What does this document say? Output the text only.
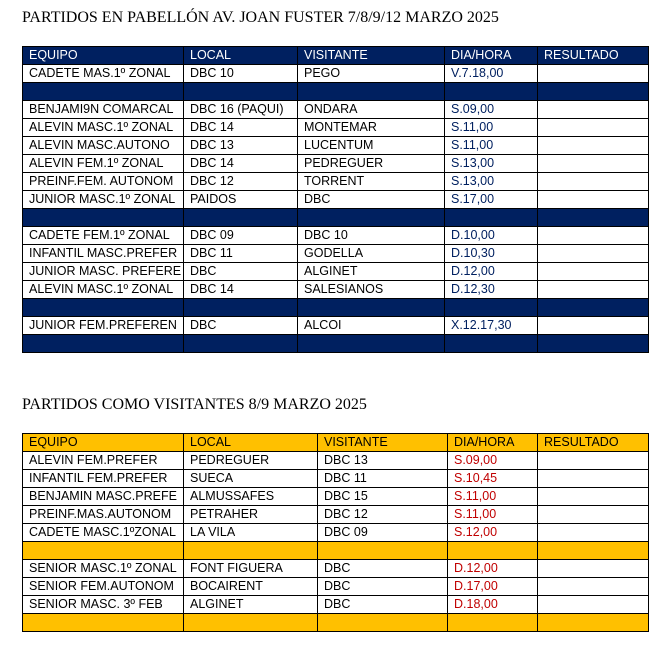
PARTIDOS EN PABELLÓN AV. JOAN FUSTER 7/8/9/12 MARZO 2025
EQUIPO	LOCAL	VISITANTE	DIA/HORA	RESULTADO
CADETE MAS.1º ZONAL	DBC 10	PEGO	V.7.18,00	

BENJAMI9N COMARCAL	DBC 16 (PAQUI)	ONDARA	S.09,00	
ALEVIN MASC.1º ZONAL	DBC 14	MONTEMAR	S.11,00	
ALEVIN MASC.AUTONO	DBC 13	LUCENTUM	S.11,00	
ALEVIN FEM.1º ZONAL	DBC 14	PEDREGUER	S.13,00	
PREINF.FEM. AUTONOM	DBC 12	TORRENT	S.13,00	
JUNIOR MASC.1º ZONAL	PAIDOS	DBC	S.17,00	

CADETE FEM.1º ZONAL	DBC 09	DBC 10	D.10,00	
INFANTIL MASC.PREFER	DBC 11	GODELLA	D.10,30	
JUNIOR MASC. PREFERE	DBC	ALGINET	D.12,00	
ALEVIN MASC.1º ZONAL	DBC 14	SALESIANOS	D.12,30	

JUNIOR FEM.PREFEREN	DBC	ALCOI	X.12.17,30	

PARTIDOS COMO VISITANTES 8/9 MARZO 2025
EQUIPO	LOCAL	VISITANTE	DIA/HORA	RESULTADO
ALEVIN FEM.PREFER	PEDREGUER	DBC 13	S.09,00	
INFANTIL FEM.PREFER	SUECA	DBC 11	S.10,45	
BENJAMIN MASC.PREFE	ALMUSSAFES	DBC 15	S.11,00	
PREINF.MAS.AUTONOM	PETRAHER	DBC 12	S.11,00	
CADETE MASC.1ºZONAL	LA VILA	DBC 09	S.12,00	

SENIOR MASC.1º ZONAL	FONT FIGUERA	DBC	D.12,00	
SENIOR FEM.AUTONOM	BOCAIRENT	DBC	D.17,00	
SENIOR MASC. 3º FEB	ALGINET	DBC	D.18,00	
